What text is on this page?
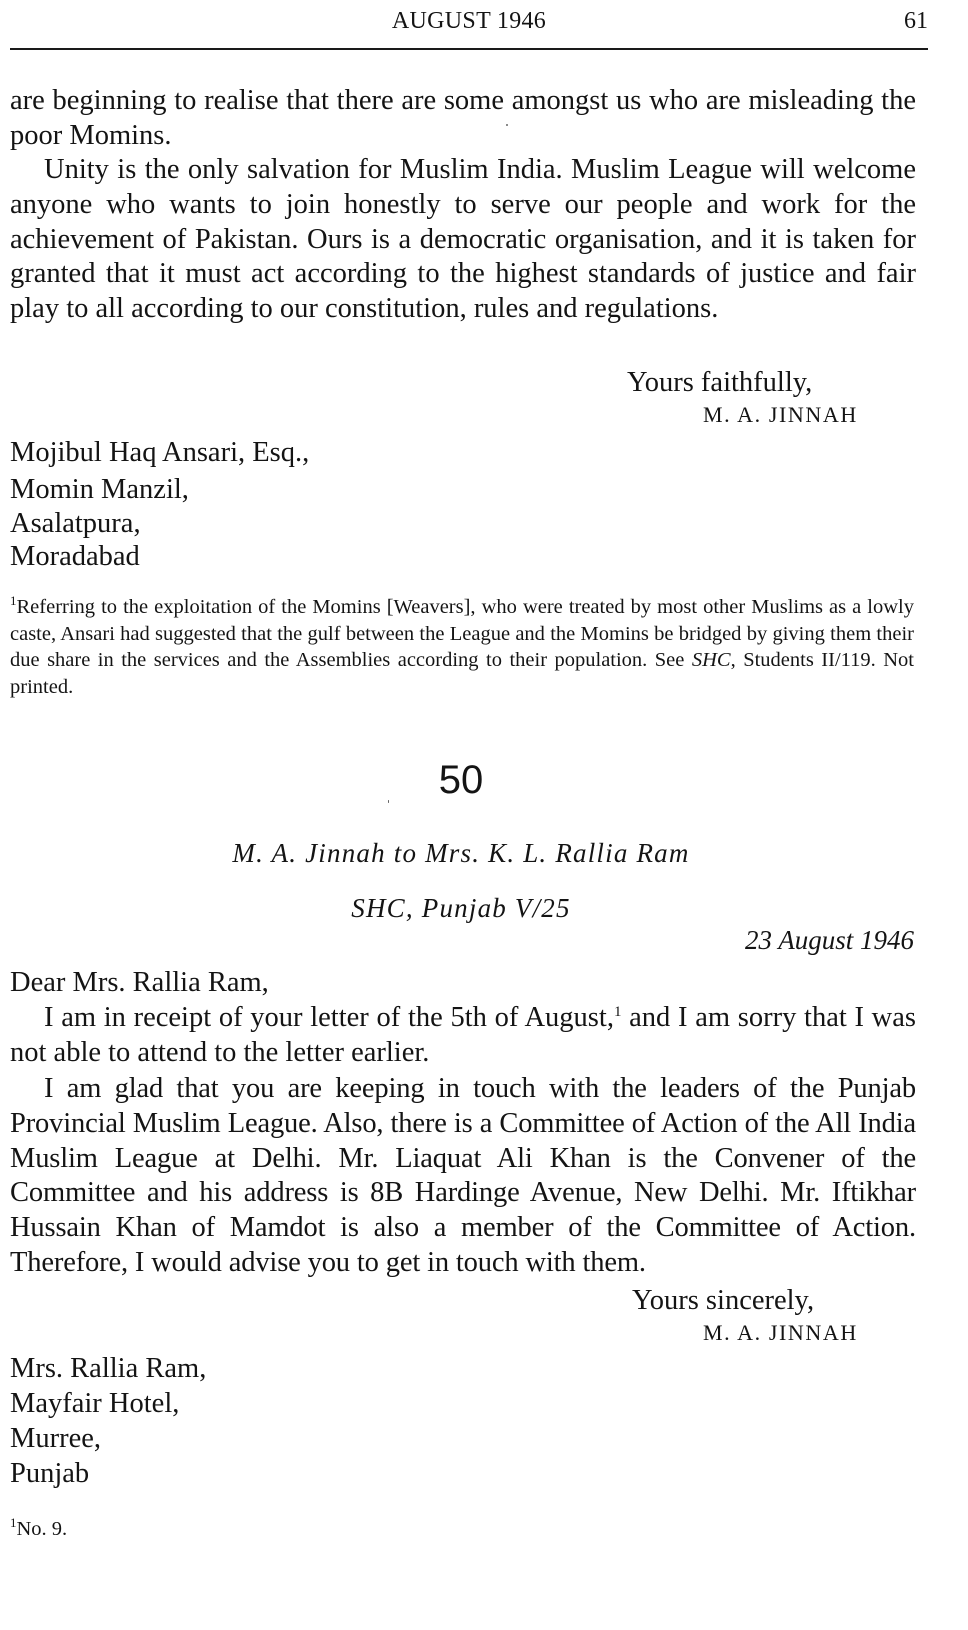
AUGUST 1946	61

are beginning to realise that there are some amongst us who are misleading the poor Momins.

Unity is the only salvation for Muslim India. Muslim League will welcome anyone who wants to join honestly to serve our people and work for the achievement of Pakistan. Ours is a democratic organisation, and it is taken for granted that it must act according to the highest standards of justice and fair play to all according to our constitution, rules and regulations.

Yours faithfully,
M. A. JINNAH
Mojibul Haq Ansari, Esq.,
Momin Manzil,
Asalatpura,
Moradabad

$^1$Referring to the exploitation of the Momins [Weavers], who were treated by most other Muslims as a lowly caste, Ansari had suggested that the gulf between the League and the Momins be bridged by giving them their due share in the services and the Assemblies according to their population. See SHC, Students II/119. Not printed.

50
M. A. Jinnah to Mrs. K. L. Rallia Ram
SHC, Punjab V/25
23 August 1946
Dear Mrs. Rallia Ram,

I am in receipt of your letter of the 5th of August,$^1$ and I am sorry that I was not able to attend to the letter earlier.

I am glad that you are keeping in touch with the leaders of the Punjab Provincial Muslim League. Also, there is a Committee of Action of the All India Muslim League at Delhi. Mr. Liaquat Ali Khan is the Convener of the Committee and his address is 8B Hardinge Avenue, New Delhi. Mr. Iftikhar Hussain Khan of Mamdot is also a member of the Committee of Action. Therefore, I would advise you to get in touch with them.

Yours sincerely,
M. A. JINNAH
Mrs. Rallia Ram,
Mayfair Hotel,
Murree,
Punjab

$^1$No. 9.
